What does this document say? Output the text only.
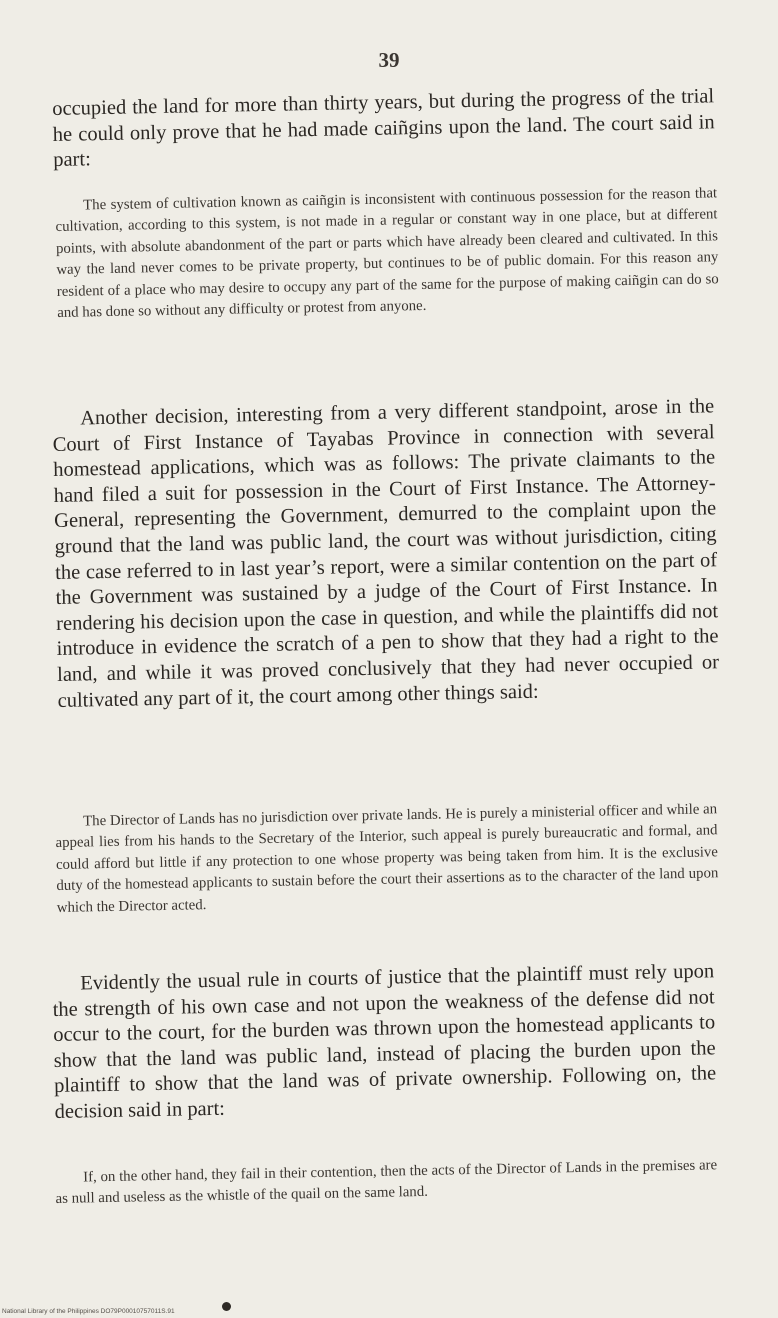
39

occupied the land for more than thirty years, but during the progress of the trial he could only prove that he had made caiñgins upon the land. The court said in part:

The system of cultivation known as caiñgin is inconsistent with continuous possession for the reason that cultivation, according to this system, is not made in a regular or constant way in one place, but at different points, with absolute abandonment of the part or parts which have already been cleared and cultivated. In this way the land never comes to be private property, but continues to be of public domain. For this reason any resident of a place who may desire to occupy any part of the same for the purpose of making caiñgin can do so and has done so without any difficulty or protest from anyone.

Another decision, interesting from a very different standpoint, arose in the Court of First Instance of Tayabas Province in connection with several homestead applications, which was as follows: The private claimants to the hand filed a suit for possession in the Court of First Instance. The Attorney-General, representing the Government, demurred to the complaint upon the ground that the land was public land, the court was without jurisdiction, citing the case referred to in last year’s report, were a similar contention on the part of the Government was sustained by a judge of the Court of First Instance. In rendering his decision upon the case in question, and while the plaintiffs did not introduce in evidence the scratch of a pen to show that they had a right to the land, and while it was proved conclusively that they had never occupied or cultivated any part of it, the court among other things said:

The Director of Lands has no jurisdiction over private lands. He is purely a ministerial officer and while an appeal lies from his hands to the Secretary of the Interior, such appeal is purely bureaucratic and formal, and could afford but little if any protection to one whose property was being taken from him. It is the exclusive duty of the homestead applicants to sustain before the court their assertions as to the character of the land upon which the Director acted.

Evidently the usual rule in courts of justice that the plaintiff must rely upon the strength of his own case and not upon the weakness of the defense did not occur to the court, for the burden was thrown upon the homestead applicants to show that the land was public land, instead of placing the burden upon the plaintiff to show that the land was of private ownership. Following on, the decision said in part:

If, on the other hand, they fail in their contention, then the acts of the Director of Lands in the premises are as null and useless as the whistle of the quail on the same land.

National Library of the Philippines DO79P00010757011S.91
